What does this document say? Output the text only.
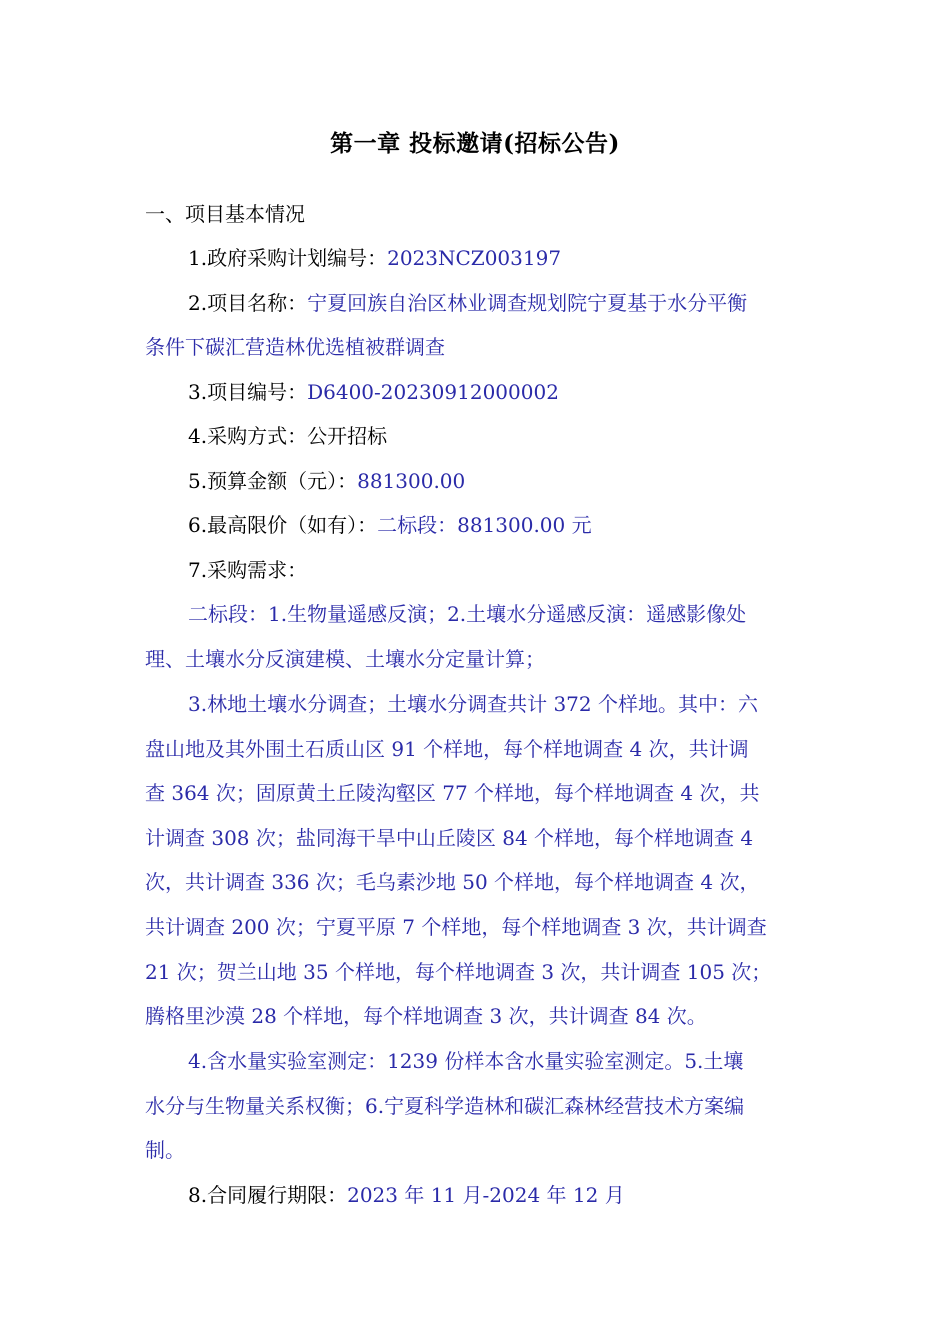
第一章 投标邀请(招标公告)
一、项目基本情况
1.政府采购计划编号：2023NCZ003197
2.项目名称：宁夏回族自治区林业调查规划院宁夏基于水分平衡
条件下碳汇营造林优选植被群调查
3.项目编号：D6400-20230912000002
4.采购方式：公开招标
5.预算金额（元）：881300.00
6.最高限价（如有）：二标段：881300.00 元
7.采购需求：
二标段：1.生物量遥感反演；2.土壤水分遥感反演：遥感影像处
理、土壤水分反演建模、土壤水分定量计算；
3.林地土壤水分调查；土壤水分调查共计 372 个样地。其中：六
盘山地及其外围土石质山区 91 个样地，每个样地调查 4 次，共计调
查 364 次；固原黄土丘陵沟壑区 77 个样地，每个样地调查 4 次，共
计调查 308 次；盐同海干旱中山丘陵区 84 个样地，每个样地调查 4
次，共计调查 336 次；毛乌素沙地 50 个样地，每个样地调查 4 次，
共计调查 200 次；宁夏平原 7 个样地，每个样地调查 3 次，共计调查
21 次；贺兰山地 35 个样地，每个样地调查 3 次，共计调查 105 次；
腾格里沙漠 28 个样地，每个样地调查 3 次，共计调查 84 次。
4.含水量实验室测定：1239 份样本含水量实验室测定。5.土壤
水分与生物量关系权衡；6.宁夏科学造林和碳汇森林经营技术方案编
制。
8.合同履行期限：2023 年 11 月-2024 年 12 月
